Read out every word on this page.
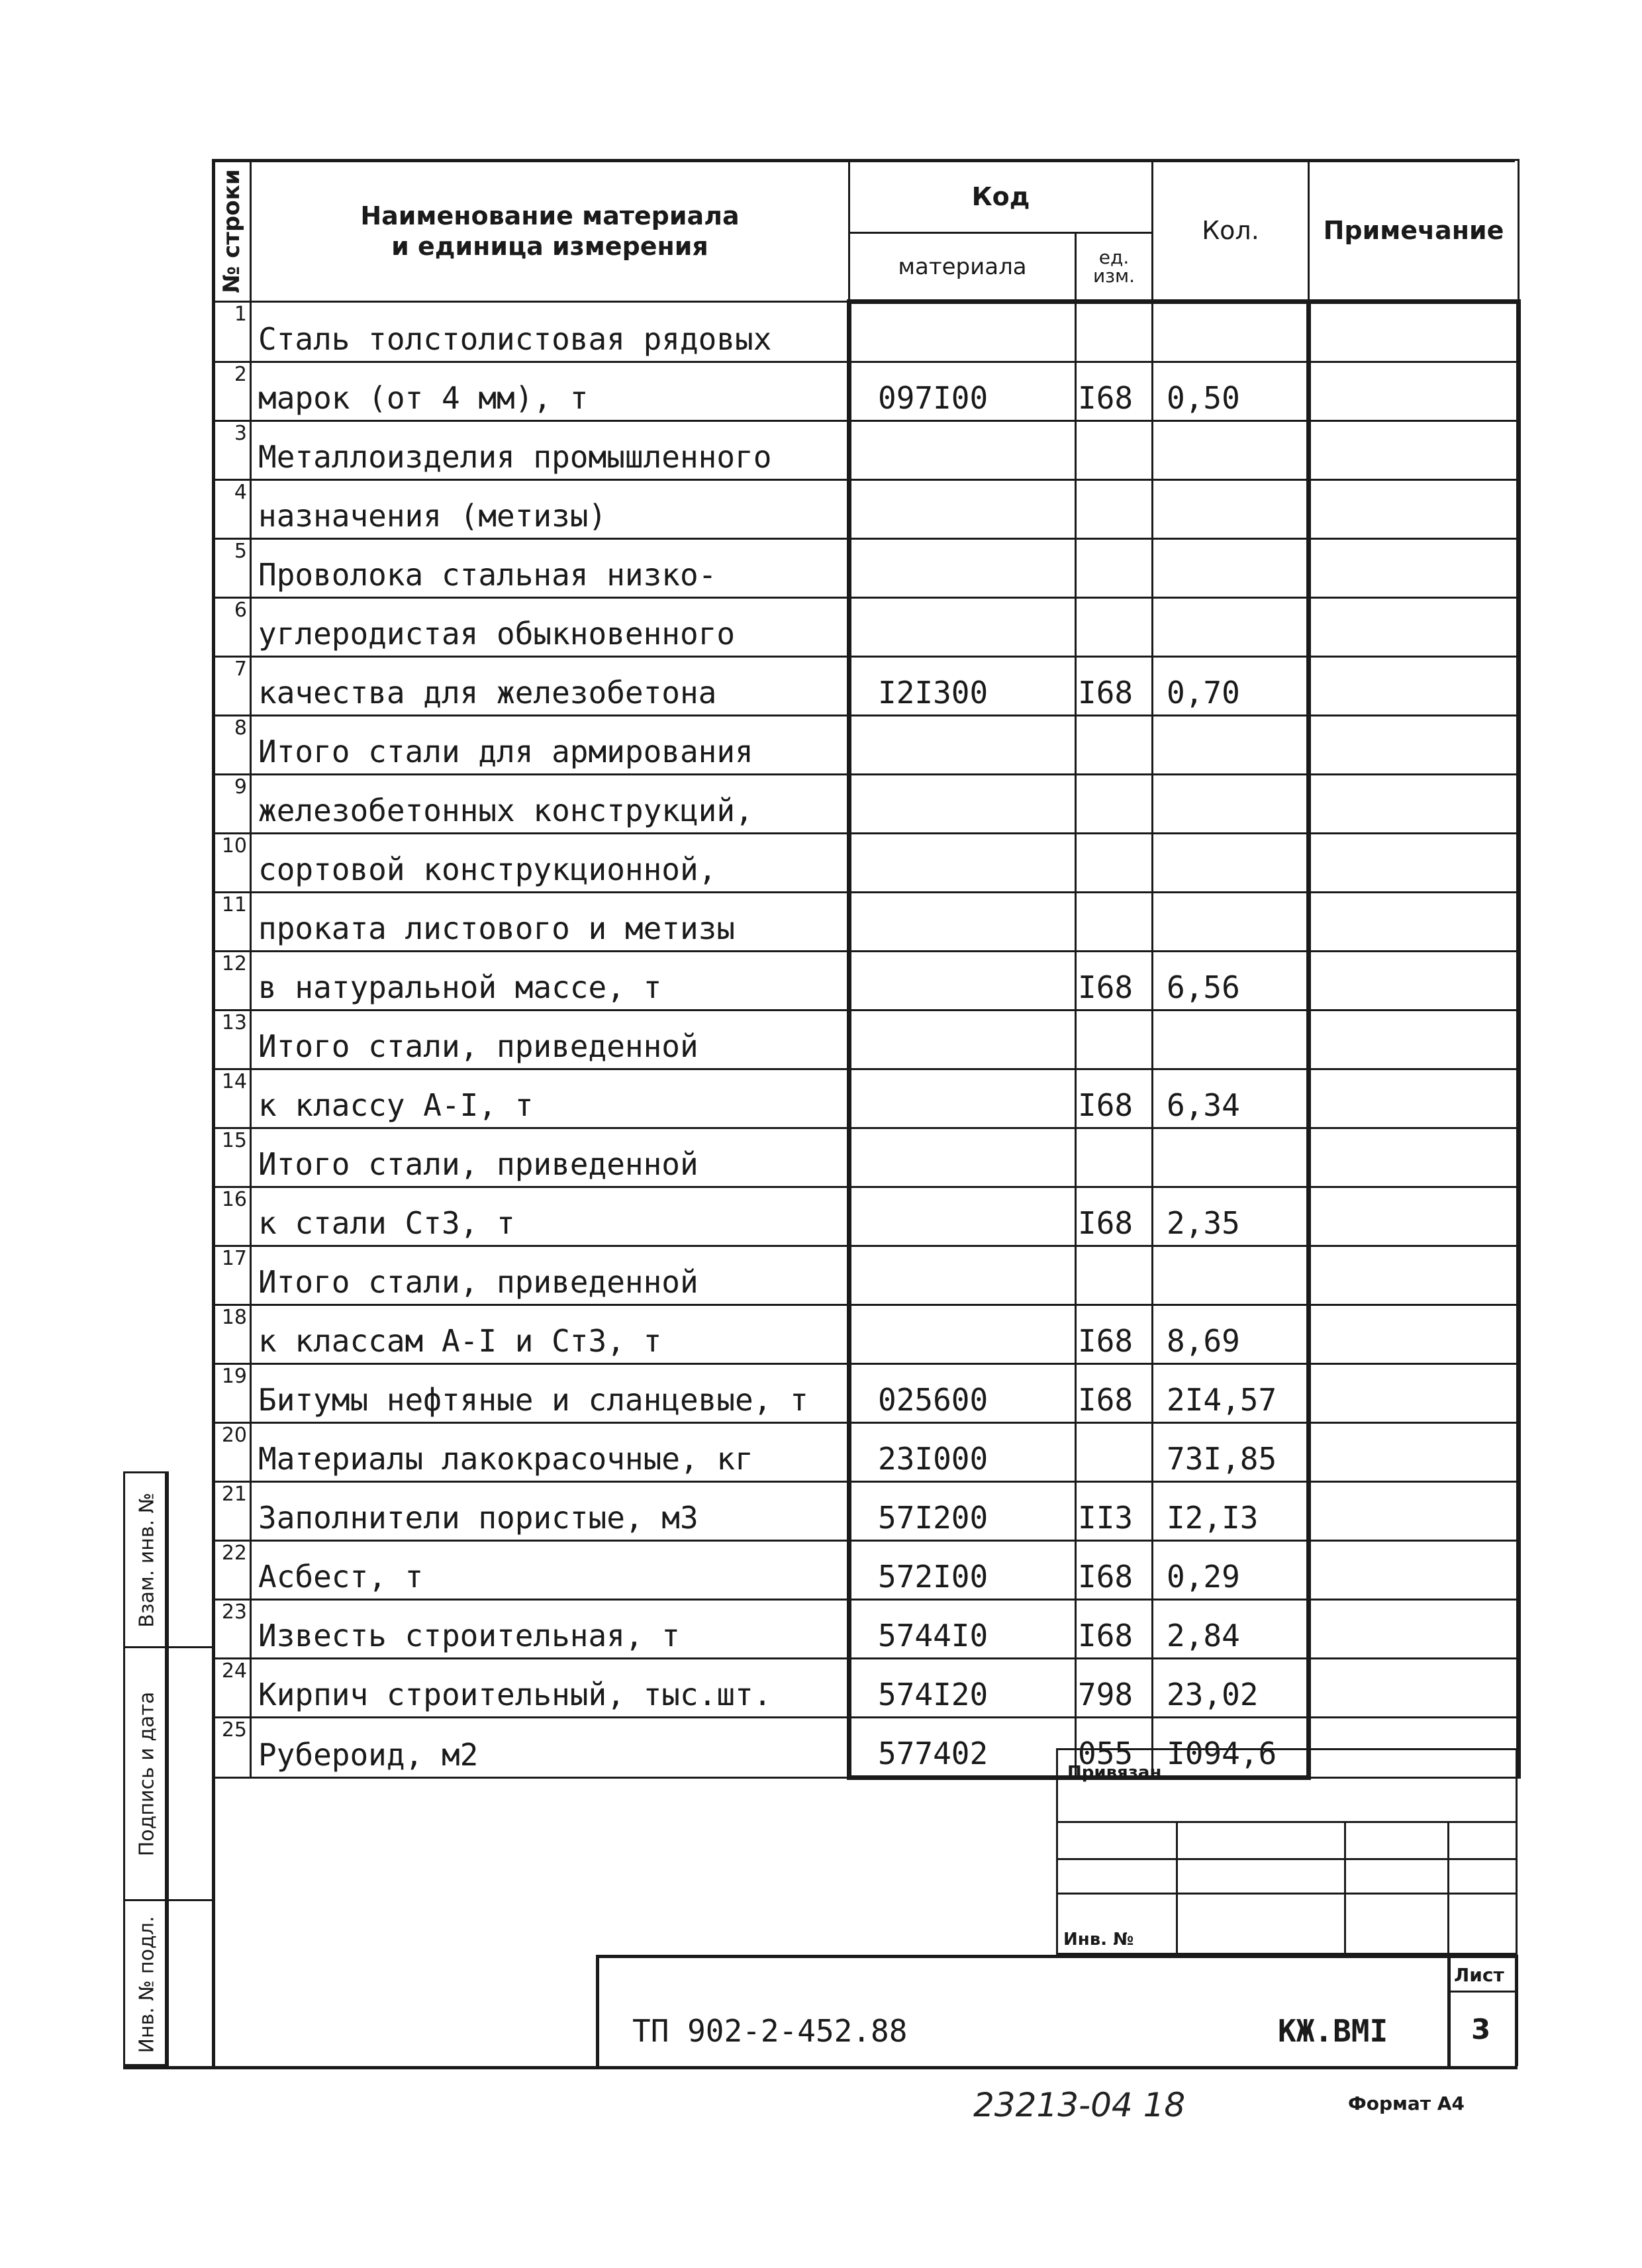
№ строки	Наименование материала и единица измерения	Код		Кол.	Примечание
		материала	ед.
изм.		

1	Сталь толстолистовая рядовых				
2	марок (от 4 мм), т	097I00	I68	0,50	
3	Металлоизделия промышленного				
4	назначения (метизы)				
5	Проволока стальная низко-				
6	углеродистая обыкновенного				
7	качества для железобетона	I2I300	I68	0,70	
8	Итого стали для армирования				
9	железобетонных конструкций,				
10	сортовой конструкционной,				
11	проката листового и метизы				
12	в натуральной массе, т		I68	6,56	
13	Итого стали, приведенной				
14	к классу А-I, т		I68	6,34	
15	Итого стали, приведенной				
16	к стали Ст3, т		I68	2,35	
17	Итого стали, приведенной				
18	к классам А-I и Ст3, т		I68	8,69	
19	Битумы нефтяные и сланцевые, т	025600	I68	2I4,57	
20	Материалы лакокрасочные, кг	23I000		73I,85	
21	Заполнители пористые, м3	57I200	II3	I2,I3	
22	Асбест, т	572I00	I68	0,29	
23	Известь строительная, т	5744I0	I68	2,84	
24	Кирпич строительный, тыс.шт.	574I20	798	23,02	
25	Рубероид, м2	577402	055	I094,6	
Взам. инв. №
Подпись и дата
Инв. № подл.
Привязан
Инв. №
Лист
ТП 902-2-452.88	КЖ.ВМI	3
23213-04 18	Формат А4
